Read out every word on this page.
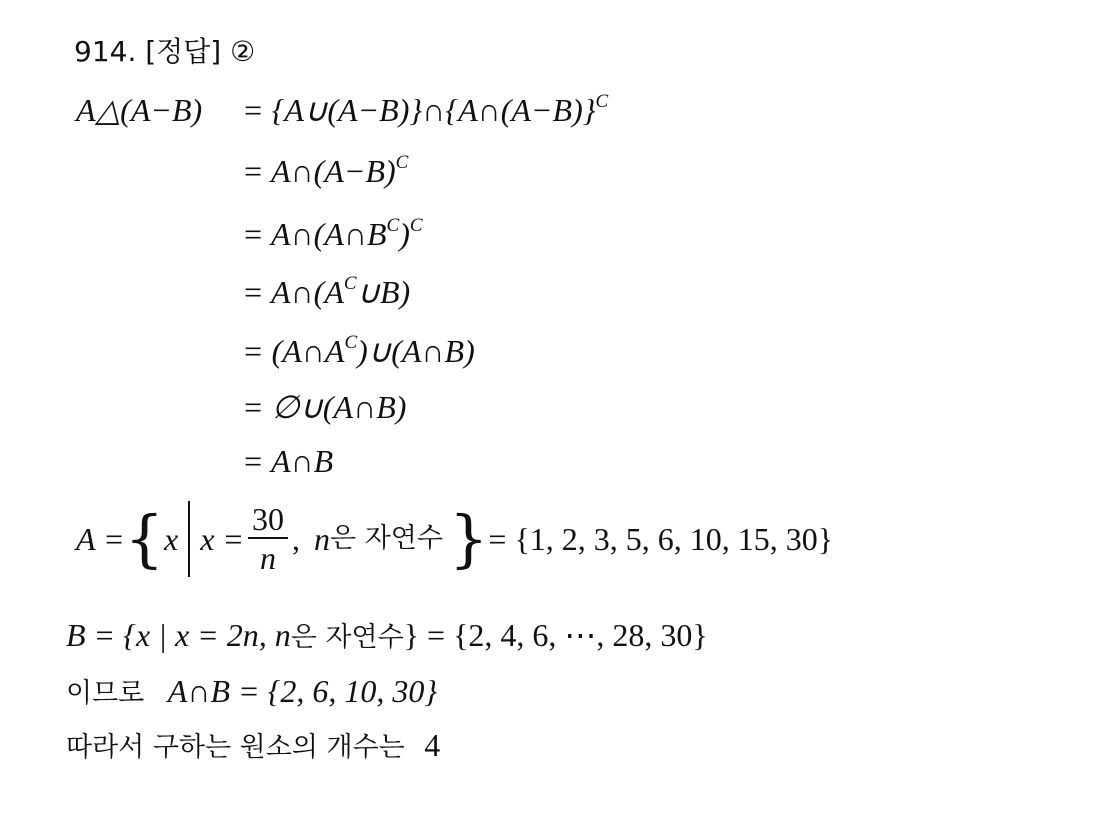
914. [정답] ②
A△(A−B) = {A∪(A−B)}∩{A∩(A−B)}$^C$
= $A\cap(A-B)^C$
= $A\cap(A\cap B^C)^C$
= $A\cap(A^C\cup B)$
= $(A\cap A^C)\cup(A\cap B)$
= ∅∪(A∩B)
= A∩B
A = { x $x = \frac{30}{n}$ , n 은 자연수 } = {1, 2, 3, 5, 6, 10, 15, 30}
B = {x | x = 2n, n은 자연수} = {2, 4, 6, ⋯, 28, 30}
이므로 A∩B = {2, 6, 10, 30}
따라서 구하는 원소의 개수는 4
